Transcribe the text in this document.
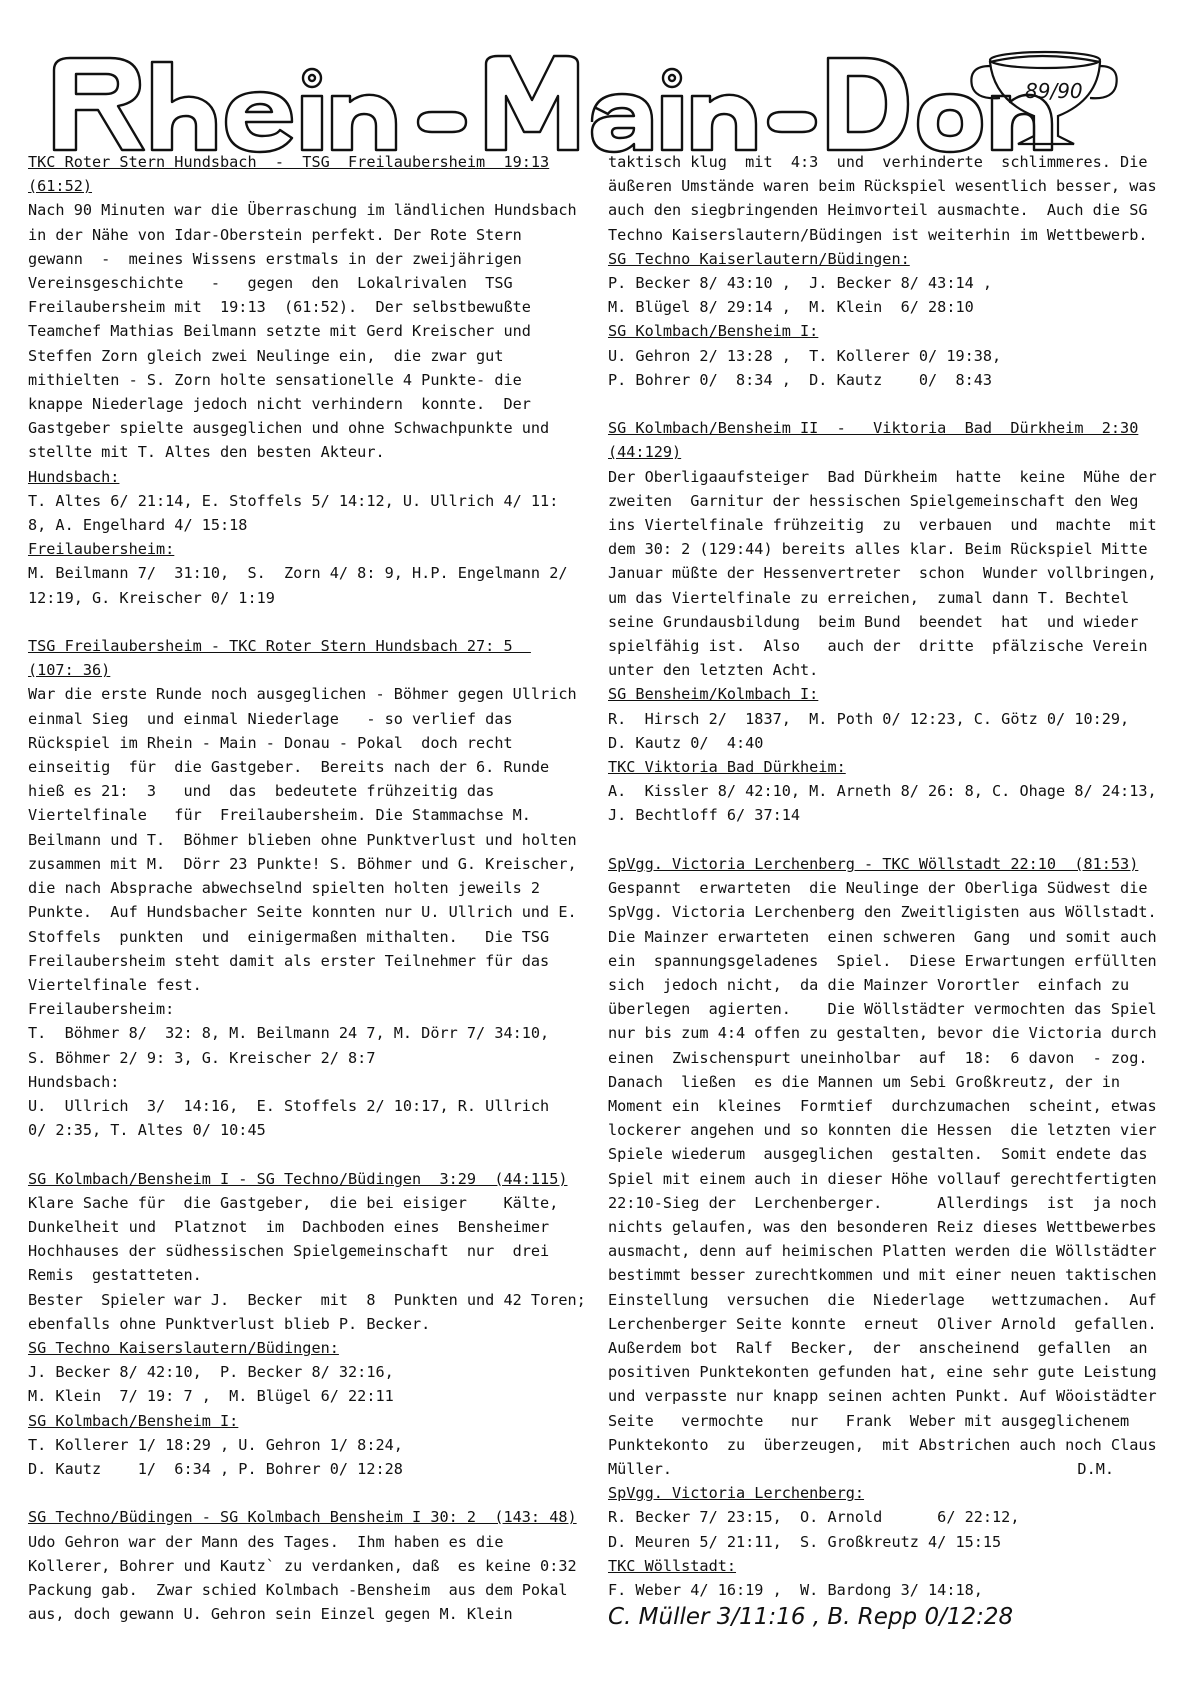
89/90
TKC Roter Stern Hundsbach  -  TSG  Freilaubersheim  19:13
(61:52)
Nach 90 Minuten war die Überraschung im ländlichen Hundsbach
in der Nähe von Idar-Oberstein perfekt. Der Rote Stern
gewann  -  meines Wissens erstmals in der zweijährigen
Vereinsgeschichte   -   gegen  den  Lokalrivalen  TSG
Freilaubersheim mit  19:13  (61:52).  Der selbstbewußte
Teamchef Mathias Beilmann setzte mit Gerd Kreischer und
Steffen Zorn gleich zwei Neulinge ein,  die zwar gut
mithielten - S. Zorn holte sensationelle 4 Punkte- die
knappe Niederlage jedoch nicht verhindern  konnte.  Der
Gastgeber spielte ausgeglichen und ohne Schwachpunkte und
stellte mit T. Altes den besten Akteur.
Hundsbach:
T. Altes 6/ 21:14, E. Stoffels 5/ 14:12, U. Ullrich 4/ 11:
8, A. Engelhard 4/ 15:18
Freilaubersheim:
M. Beilmann 7/  31:10,  S.  Zorn 4/ 8: 9, H.P. Engelmann 2/
12:19, G. Kreischer 0/ 1:19

TSG Freilaubersheim - TKC Roter Stern Hundsbach 27: 5
(107: 36)
War die erste Runde noch ausgeglichen - Böhmer gegen Ullrich
einmal Sieg  und einmal Niederlage   - so verlief das
Rückspiel im Rhein - Main - Donau - Pokal  doch recht
einseitig  für  die Gastgeber.  Bereits nach der 6. Runde
hieß es 21:  3   und  das  bedeutete frühzeitig das
Viertelfinale   für  Freilaubersheim. Die Stammachse M.
Beilmann und T.  Böhmer blieben ohne Punktverlust und holten
zusammen mit M.  Dörr 23 Punkte! S. Böhmer und G. Kreischer,
die nach Absprache abwechselnd spielten holten jeweils 2
Punkte.  Auf Hundsbacher Seite konnten nur U. Ullrich und E.
Stoffels  punkten  und  einigermaßen mithalten.   Die TSG
Freilaubersheim steht damit als erster Teilnehmer für das
Viertelfinale fest.
Freilaubersheim:
T.  Böhmer 8/  32: 8, M. Beilmann 24 7, M. Dörr 7/ 34:10,
S. Böhmer 2/ 9: 3, G. Kreischer 2/ 8:7
Hundsbach:
U.  Ullrich  3/  14:16,  E. Stoffels 2/ 10:17, R. Ullrich
0/ 2:35, T. Altes 0/ 10:45

SG Kolmbach/Bensheim I - SG Techno/Büdingen  3:29  (44:115)
Klare Sache für  die Gastgeber,  die bei eisiger    Kälte,
Dunkelheit und  Platznot  im  Dachboden eines  Bensheimer
Hochhauses der südhessischen Spielgemeinschaft  nur  drei
Remis  gestatteten.
Bester  Spieler war J.  Becker  mit  8  Punkten und 42 Toren;
ebenfalls ohne Punktverlust blieb P. Becker.
SG Techno Kaiserslautern/Büdingen:
J. Becker 8/ 42:10,  P. Becker 8/ 32:16,
M. Klein  7/ 19: 7 ,  M. Blügel 6/ 22:11
SG Kolmbach/Bensheim I:
T. Kollerer 1/ 18:29 , U. Gehron 1/ 8:24,
D. Kautz    1/  6:34 , P. Bohrer 0/ 12:28

SG Techno/Büdingen - SG Kolmbach Bensheim I 30: 2  (143: 48)
Udo Gehron war der Mann des Tages.  Ihm haben es die
Kollerer, Bohrer und Kautz` zu verdanken, daß  es keine 0:32
Packung gab.  Zwar schied Kolmbach -Bensheim  aus dem Pokal
aus, doch gewann U. Gehron sein Einzel gegen M. Klein
taktisch klug  mit  4:3  und  verhinderte  schlimmeres. Die
äußeren Umstände waren beim Rückspiel wesentlich besser, was
auch den siegbringenden Heimvorteil ausmachte.  Auch die SG
Techno Kaiserslautern/Büdingen ist weiterhin im Wettbewerb.
SG Techno Kaiserlautern/Büdingen:
P. Becker 8/ 43:10 ,  J. Becker 8/ 43:14 ,
M. Blügel 8/ 29:14 ,  M. Klein  6/ 28:10
SG Kolmbach/Bensheim I:
U. Gehron 2/ 13:28 ,  T. Kollerer 0/ 19:38,
P. Bohrer 0/  8:34 ,  D. Kautz    0/  8:43

SG Kolmbach/Bensheim II  -   Viktoria  Bad  Dürkheim  2:30
(44:129)
Der Oberligaaufsteiger  Bad Dürkheim  hatte  keine  Mühe der
zweiten  Garnitur der hessischen Spielgemeinschaft den Weg
ins Viertelfinale frühzeitig  zu  verbauen  und  machte  mit
dem 30: 2 (129:44) bereits alles klar. Beim Rückspiel Mitte
Januar müßte der Hessenvertreter  schon  Wunder vollbringen,
um das Viertelfinale zu erreichen,  zumal dann T. Bechtel
seine Grundausbildung  beim Bund  beendet  hat  und wieder
spielfähig ist.  Also   auch der  dritte  pfälzische Verein
unter den letzten Acht.
SG Bensheim/Kolmbach I:
R.  Hirsch 2/  1837,  M. Poth 0/ 12:23, C. Götz 0/ 10:29,
D. Kautz 0/  4:40
TKC Viktoria Bad Dürkheim:
A.  Kissler 8/ 42:10, M. Arneth 8/ 26: 8, C. Ohage 8/ 24:13,
J. Bechtloff 6/ 37:14

SpVgg. Victoria Lerchenberg - TKC Wöllstadt 22:10  (81:53)
Gespannt  erwarteten  die Neulinge der Oberliga Südwest die
SpVgg. Victoria Lerchenberg den Zweitligisten aus Wöllstadt.
Die Mainzer erwarteten  einen schweren  Gang  und somit auch
ein  spannungsgeladenes  Spiel.  Diese Erwartungen erfüllten
sich  jedoch nicht,  da die Mainzer Vorortler  einfach zu
überlegen  agierten.    Die Wöllstädter vermochten das Spiel
nur bis zum 4:4 offen zu gestalten, bevor die Victoria durch
einen  Zwischenspurt uneinholbar  auf  18:  6 davon  - zog.
Danach  ließen  es die Mannen um Sebi Großkreutz, der in
Moment ein  kleines  Formtief  durchzumachen  scheint, etwas
lockerer angehen und so konnten die Hessen  die letzten vier
Spiele wiederum  ausgeglichen  gestalten.  Somit endete das
Spiel mit einem auch in dieser Höhe vollauf gerechtfertigten
22:10-Sieg der  Lerchenberger.      Allerdings  ist  ja noch
nichts gelaufen, was den besonderen Reiz dieses Wettbewerbes
ausmacht, denn auf heimischen Platten werden die Wöllstädter
bestimmt besser zurechtkommen und mit einer neuen taktischen
Einstellung  versuchen  die  Niederlage   wettzumachen.  Auf
Lerchenberger Seite konnte  erneut  Oliver Arnold  gefallen.
Außerdem bot  Ralf  Becker,  der  anscheinend  gefallen  an
positiven Punktekonten gefunden hat, eine sehr gute Leistung
und verpasste nur knapp seinen achten Punkt. Auf Wöoistädter
Seite   vermochte   nur   Frank  Weber mit ausgeglichenem
Punktekonto  zu  überzeugen,  mit Abstrichen auch noch Claus
Müller.	D.M.
SpVgg. Victoria Lerchenberg:
R. Becker 7/ 23:15,  O. Arnold      6/ 22:12,
D. Meuren 5/ 21:11,  S. Großkreutz 4/ 15:15
TKC Wöllstadt:
F. Weber 4/ 16:19 ,  W. Bardong 3/ 14:18,
C. Müller 3/11:16 , B. Repp 0/12:28
